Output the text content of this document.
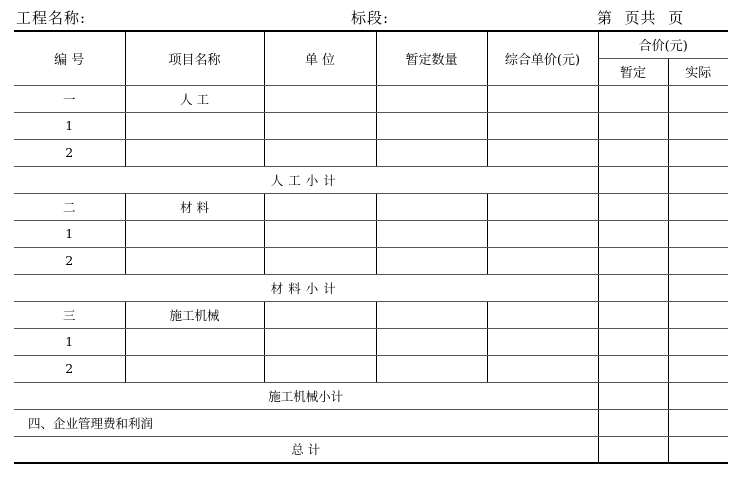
工程名称:	标段:	第  页共  页
编 号	项目名称	单 位	暂定数量	综合单价(元)	合价(元)	
					暂定	实际
一	人 工					
1						
2						
人工小计						
二	材 料					
1						
2						
材料小计						
三	施工机械					
1						
2						
施工机械小计						
四、企业管理费和利润						
总 计						
